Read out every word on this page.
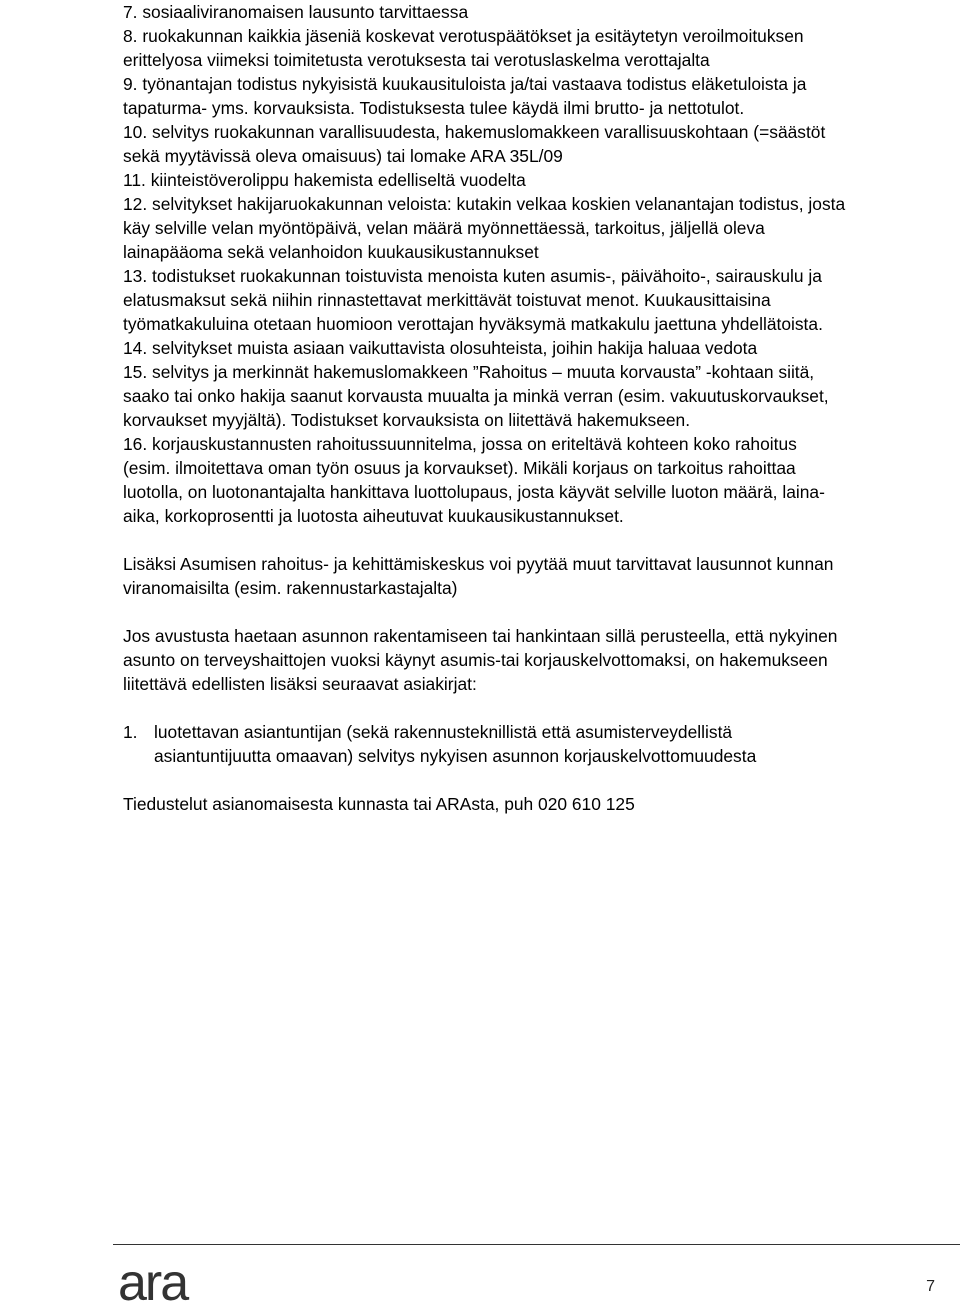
7. sosiaaliviranomaisen lausunto tarvittaessa

8. ruokakunnan kaikkia jäseniä koskevat verotuspäätökset ja esitäytetyn veroilmoituksen erittelyosa viimeksi toimitetusta verotuksesta tai verotuslaskelma verottajalta

9. työnantajan todistus nykyisistä kuukausituloista ja/tai vastaava todistus eläketuloista ja tapaturma- yms. korvauksista. Todistuksesta tulee käydä ilmi brutto- ja nettotulot.

10. selvitys ruokakunnan varallisuudesta, hakemuslomakkeen varallisuuskohtaan (=säästöt sekä myytävissä oleva omaisuus) tai lomake ARA 35L/09

11. kiinteistöverolippu hakemista edelliseltä vuodelta

12. selvitykset hakijaruokakunnan veloista: kutakin velkaa koskien velanantajan todistus, josta käy selville velan myöntöpäivä, velan määrä myönnettäessä, tarkoitus, jäljellä oleva lainapääoma sekä velanhoidon kuukausikustannukset

13. todistukset ruokakunnan toistuvista menoista kuten asumis-, päivähoito-, sairauskulu ja elatusmaksut sekä niihin rinnastettavat merkittävät toistuvat menot. Kuukausittaisina työmatkakuluina otetaan huomioon verottajan hyväksymä matkakulu jaettuna yhdellätoista.

14. selvitykset muista asiaan vaikuttavista olosuhteista, joihin hakija haluaa vedota

15. selvitys ja merkinnät hakemuslomakkeen ”Rahoitus – muuta korvausta” -kohtaan siitä, saako tai onko hakija saanut korvausta muualta ja minkä verran (esim. vakuutuskorvaukset, korvaukset myyjältä). Todistukset korvauksista on liitettävä hakemukseen.

16. korjauskustannusten rahoitussuunnitelma, jossa on eriteltävä kohteen koko rahoitus (esim. ilmoitettava oman työn osuus ja korvaukset). Mikäli korjaus on tarkoitus rahoittaa luotolla, on luotonantajalta hankittava luottolupaus, josta käyvät selville luoton määrä, laina-aika, korkoprosentti ja luotosta aiheutuvat kuukausikustannukset.

Lisäksi Asumisen rahoitus- ja kehittämiskeskus voi pyytää muut tarvittavat lausunnot kunnan viranomaisilta (esim. rakennustarkastajalta)

Jos avustusta haetaan asunnon rakentamiseen tai hankintaan sillä perusteella, että nykyinen asunto on terveyshaittojen vuoksi käynyt asumis-tai korjauskelvottomaksi, on hakemukseen liitettävä edellisten lisäksi seuraavat asiakirjat:

1. luotettavan asiantuntijan (sekä rakennusteknillistä että asumisterveydellistä asiantuntijuutta omaavan) selvitys nykyisen asunnon korjauskelvottomuudesta

Tiedustelut asianomaisesta kunnasta tai ARAsta, puh 020 610 125

ara	7
